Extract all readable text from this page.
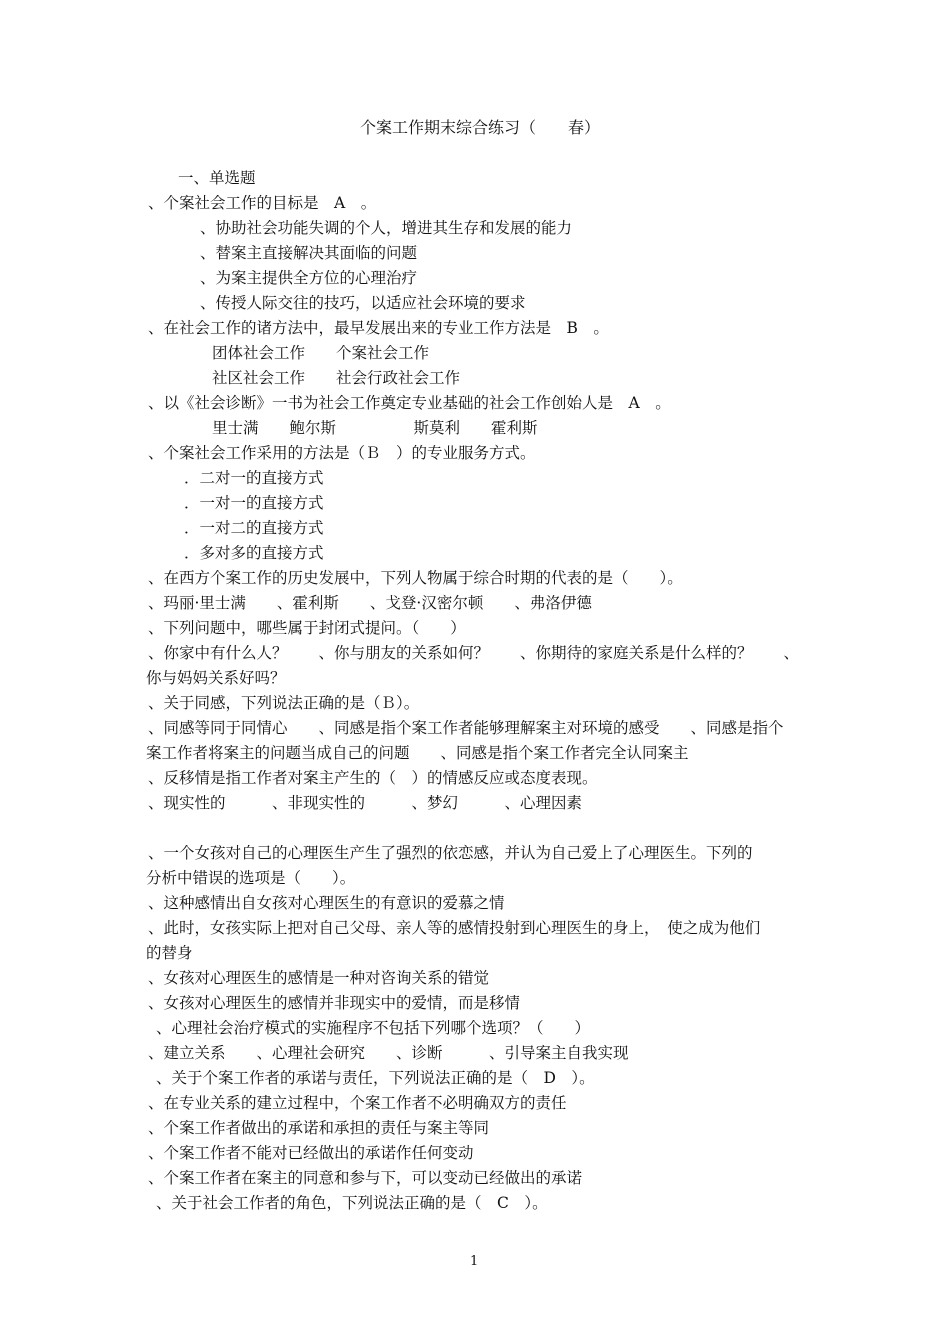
个案工作期末综合练习（　　春）
一、单选题
、个案社会工作的目标是　A　。
、协助社会功能失调的个人，增进其生存和发展的能力
、替案主直接解决其面临的问题
、为案主提供全方位的心理治疗
、传授人际交往的技巧，以适应社会环境的要求
、在社会工作的诸方法中，最早发展出来的专业工作方法是　B　。
团体社会工作　　个案社会工作
社区社会工作　　社会行政社会工作
、以《社会诊断》一书为社会工作奠定专业基础的社会工作创始人是　A　。
里士满　　鲍尔斯　　　　　斯莫利　　霍利斯
、个案社会工作采用的方法是（Ｂ　）的专业服务方式。
．二对一的直接方式
．一对一的直接方式
．一对二的直接方式
．多对多的直接方式
、在西方个案工作的历史发展中，下列人物属于综合时期的代表的是（　　）。
、玛丽·里士满　　、霍利斯　　、戈登·汉密尔顿　　、弗洛伊德
、下列问题中，哪些属于封闭式提问。（　　）
、你家中有什么人？　　、你与朋友的关系如何？　　、你期待的家庭关系是什么样的？　　、
你与妈妈关系好吗？
、关于同感，下列说法正确的是（Ｂ）。
、同感等同于同情心　　、同感是指个案工作者能够理解案主对环境的感受　　、同感是指个
案工作者将案主的问题当成自己的问题　　、同感是指个案工作者完全认同案主
、反移情是指工作者对案主产生的（　）的情感反应或态度表现。
、现实性的　　　、非现实性的　　　、梦幻　　　、心理因素
、一个女孩对自己的心理医生产生了强烈的依恋感，并认为自己爱上了心理医生。下列的
分析中错误的选项是（　　）。
、这种感情出自女孩对心理医生的有意识的爱慕之情
、此时，女孩实际上把对自己父母、亲人等的感情投射到心理医生的身上，　使之成为他们
的替身
、女孩对心理医生的感情是一种对咨询关系的错觉
、女孩对心理医生的感情并非现实中的爱情，而是移情
、心理社会治疗模式的实施程序不包括下列哪个选项？（　　）
、建立关系　　、心理社会研究　　、诊断　　　、引导案主自我实现
、关于个案工作者的承诺与责任，下列说法正确的是（　D　）。
、在专业关系的建立过程中，个案工作者不必明确双方的责任
、个案工作者做出的承诺和承担的责任与案主等同
、个案工作者不能对已经做出的承诺作任何变动
、个案工作者在案主的同意和参与下，可以变动已经做出的承诺
、关于社会工作者的角色，下列说法正确的是（　C　）。
1
